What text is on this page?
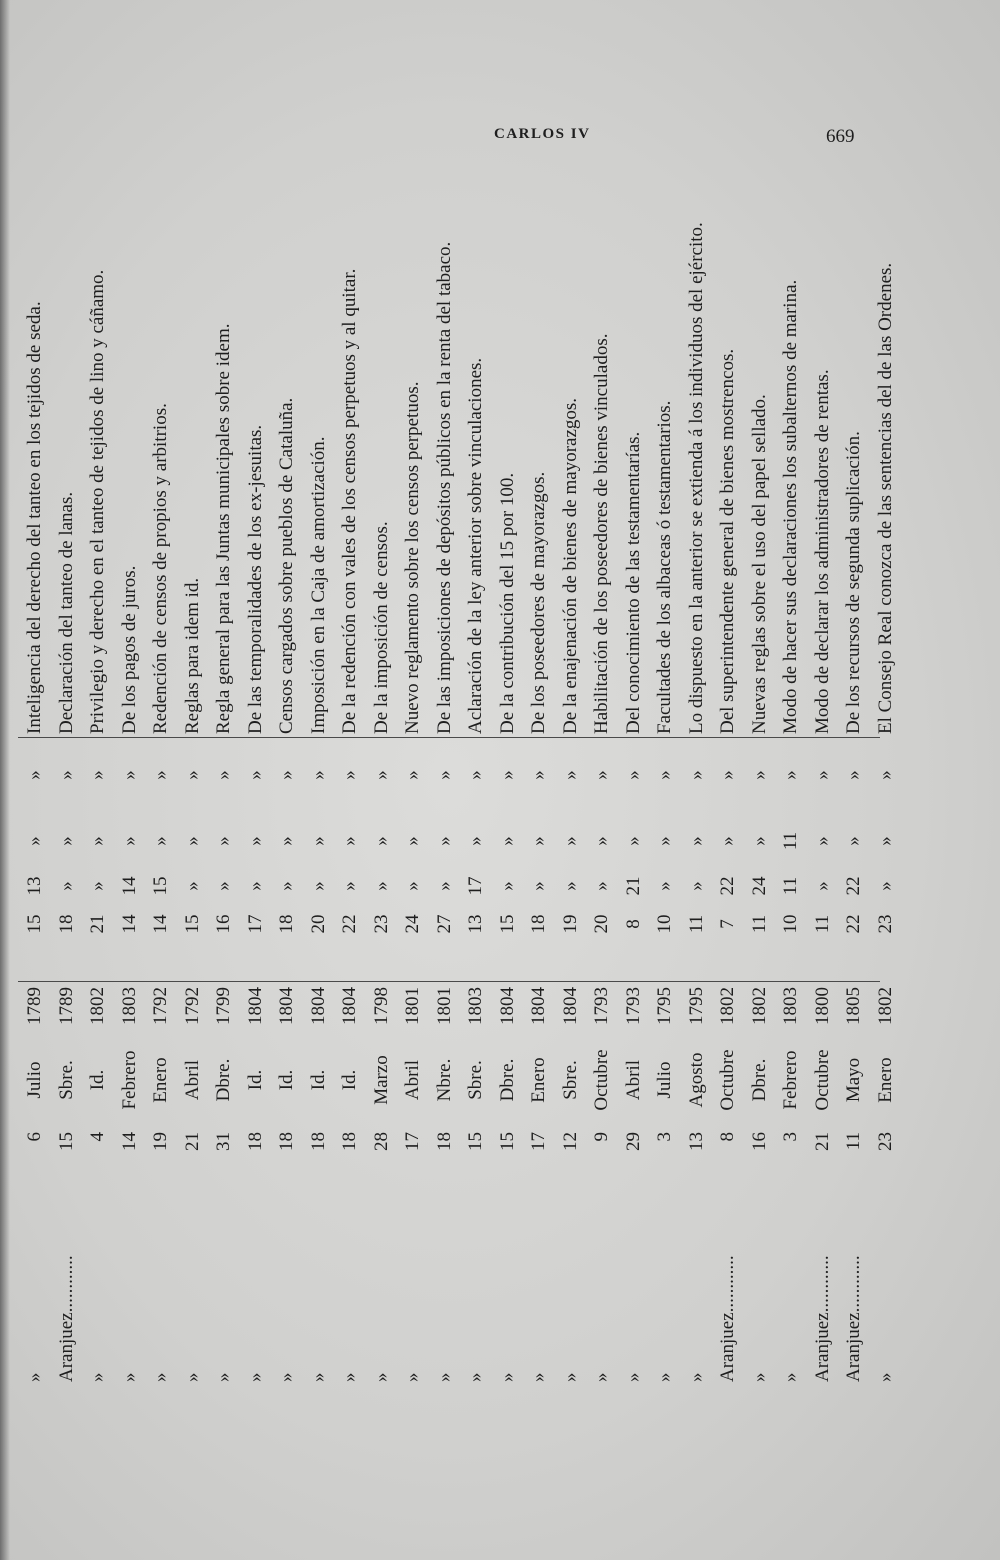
CARLOS IV	669
»
6
Julio
1789
15
13
»
»
Inteligencia del derecho del tanteo en los tejidos de seda.
Aranjuez............
15
Sbre.
1789
18
»
»
»
Declaración del tanteo de lanas.
»
4
Id.
1802
21
»
»
»
Privilegio y derecho en el tanteo de tejidos de lino y cáñamo.
»
14
Febrero
1803
14
14
»
»
De los pagos de juros.
»
19
Enero
1792
14
15
»
»
Redención de censos de propios y arbitrios.
»
21
Abril
1792
15
»
»
»
Reglas para idem id.
»
31
Dbre.
1799
16
»
»
»
Regla general para las Juntas municipales sobre idem.
»
18
Id.
1804
17
»
»
»
De las temporalidades de los ex-jesuitas.
»
18
Id.
1804
18
»
»
»
Censos cargados sobre pueblos de Cataluña.
»
18
Id.
1804
20
»
»
»
Imposición en la Caja de amortización.
»
18
Id.
1804
22
»
»
»
De la redención con vales de los censos perpetuos y al quitar.
»
28
Marzo
1798
23
»
»
»
De la imposición de censos.
»
17
Abril
1801
24
»
»
»
Nuevo reglamento sobre los censos perpetuos.
»
18
Nbre.
1801
27
»
»
»
De las imposiciones de depósitos públicos en la renta del tabaco.
»
15
Sbre.
1803
13
17
»
»
Aclaración de la ley anterior sobre vinculaciones.
»
15
Dbre.
1804
15
»
»
»
De la contribución del 15 por 100.
»
17
Enero
1804
18
»
»
»
De los poseedores de mayorazgos.
»
12
Sbre.
1804
19
»
»
»
De la enajenación de bienes de mayorazgos.
»
9
Octubre
1793
20
»
»
»
Habilitación de los poseedores de bienes vinculados.
»
29
Abril
1793
8
21
»
»
Del conocimiento de las testamentarías.
»
3
Julio
1795
10
»
»
»
Facultades de los albaceas ó testamentarios.
»
13
Agosto
1795
11
»
»
»
Lo dispuesto en la anterior se extienda á los individuos del ejército.
Aranjuez............
8
Octubre
1802
7
22
»
»
Del superintendente general de bienes mostrencos.
»
16
Dbre.
1802
11
24
»
»
Nuevas reglas sobre el uso del papel sellado.
»
3
Febrero
1803
10
11
11
»
Modo de hacer sus declaraciones los subalternos de marina.
Aranjuez............
21
Octubre
1800
11
»
»
»
Modo de declarar los administradores de rentas.
Aranjuez............
11
Mayo
1805
22
22
»
»
De los recursos de segunda suplicación.
»
23
Enero
1802
23
»
»
»
El Consejo Real conozca de las sentencias del de las Ordenes.
